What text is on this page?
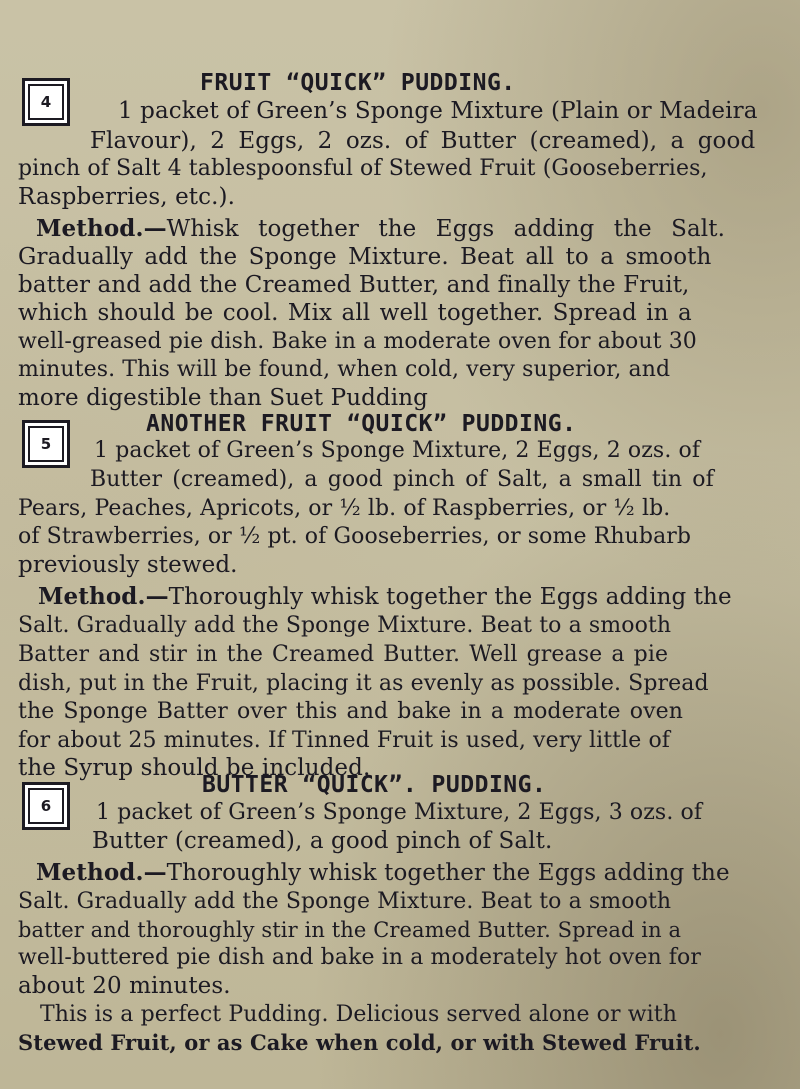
4
FRUIT “QUICK” PUDDING.
1 packet of Green’s Sponge Mixture (Plain or Madeira
Flavour), 2 Eggs, 2 ozs. of Butter (creamed), a good
pinch of Salt 4 tablespoonsful of Stewed Fruit (Gooseberries,
Raspberries, etc.).
Method.—Whisk together the Eggs adding the Salt.
Gradually add the Sponge Mixture. Beat all to a smooth
batter and add the Creamed Butter, and finally the Fruit,
which should be cool. Mix all well together. Spread in a
well-greased pie dish. Bake in a moderate oven for about 30
minutes. This will be found, when cold, very superior, and
more digestible than Suet Pudding
5
ANOTHER FRUIT “QUICK” PUDDING.
1 packet of Green’s Sponge Mixture, 2 Eggs, 2 ozs. of
Butter (creamed), a good pinch of Salt, a small tin of
Pears, Peaches, Apricots, or ½ lb. of Raspberries, or ½ lb.
of Strawberries, or ½ pt. of Gooseberries, or some Rhubarb
previously stewed.
Method.—Thoroughly whisk together the Eggs adding the
Salt. Gradually add the Sponge Mixture. Beat to a smooth
Batter and stir in the Creamed Butter. Well grease a pie
dish, put in the Fruit, placing it as evenly as possible. Spread
the Sponge Batter over this and bake in a moderate oven
for about 25 minutes. If Tinned Fruit is used, very little of
the Syrup should be included.
6
BUTTER “QUICK”. PUDDING.
1 packet of Green’s Sponge Mixture, 2 Eggs, 3 ozs. of
Butter (creamed), a good pinch of Salt.
Method.—Thoroughly whisk together the Eggs adding the
Salt. Gradually add the Sponge Mixture. Beat to a smooth
batter and thoroughly stir in the Creamed Butter. Spread in a
well-buttered pie dish and bake in a moderately hot oven for
about 20 minutes.
This is a perfect Pudding. Delicious served alone or with
Stewed Fruit, or as Cake when cold, or with Stewed Fruit.
